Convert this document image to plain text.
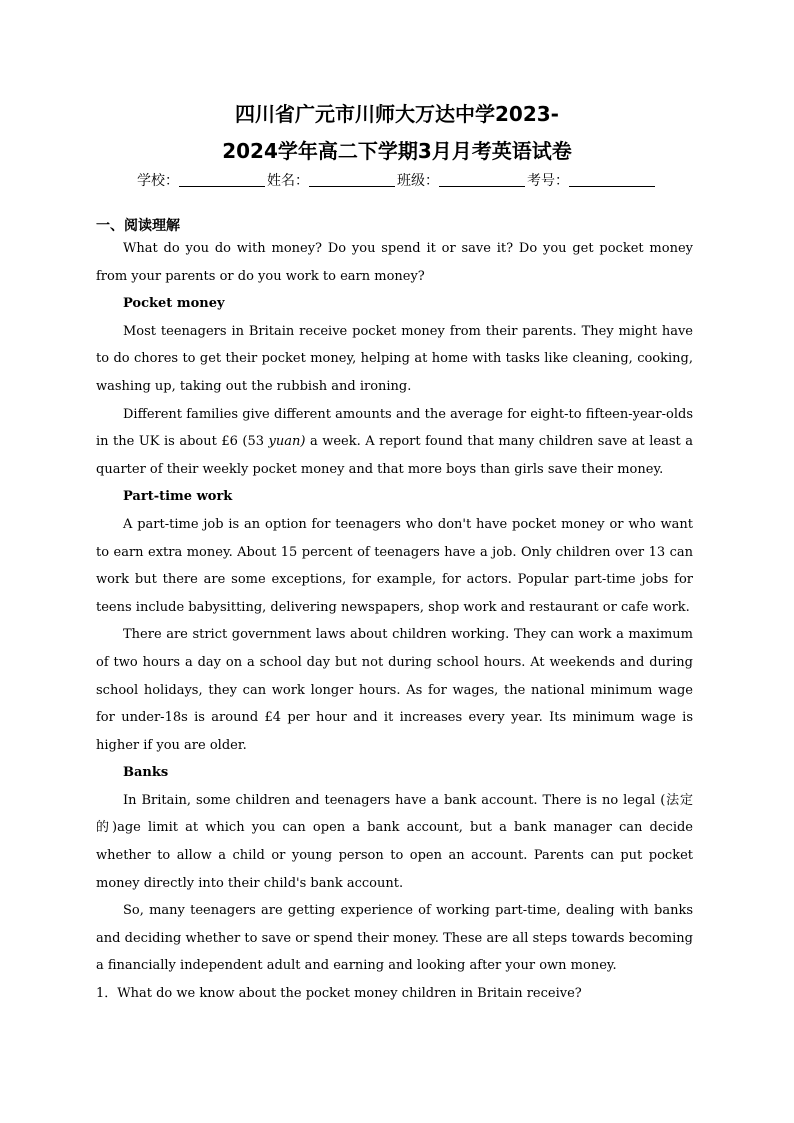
四川省广元市川师大万达中学2023-
2024学年高二下学期3月月考英语试卷
学校：	姓名：	班级：	考号：
一、阅读理解

What do you do with money? Do you spend it or save it? Do you get pocket money from your parents or do you work to earn money?

Pocket money

Most teenagers in Britain receive pocket money from their parents. They might have to do chores to get their pocket money, helping at home with tasks like cleaning, cooking, washing up, taking out the rubbish and ironing.

Different families give different amounts and the average for eight-to fifteen-year-olds in the UK is about £6 (53 yuan) a week. A report found that many children save at least a quarter of their weekly pocket money and that more boys than girls save their money.

Part-time work

A part-time job is an option for teenagers who don't have pocket money or who want to earn extra money. About 15 percent of teenagers have a job. Only children over 13 can work but there are some exceptions, for example, for actors. Popular part-time jobs for teens include babysitting, delivering newspapers, shop work and restaurant or cafe work.

There are strict government laws about children working. They can work a maximum of two hours a day on a school day but not during school hours. At weekends and during school holidays, they can work longer hours. As for wages, the national minimum wage for under-18s is around £4 per hour and it increases every year. Its minimum wage is higher if you are older.

Banks

In Britain, some children and teenagers have a bank account. There is no legal (法定的)age limit at which you can open a bank account, but a bank manager can decide whether to allow a child or young person to open an account. Parents can put pocket money directly into their child's bank account.

So, many teenagers are getting experience of working part-time, dealing with banks and deciding whether to save or spend their money. These are all steps towards becoming a financially independent adult and earning and looking after your own money.

1．What do we know about the pocket money children in Britain receive?
